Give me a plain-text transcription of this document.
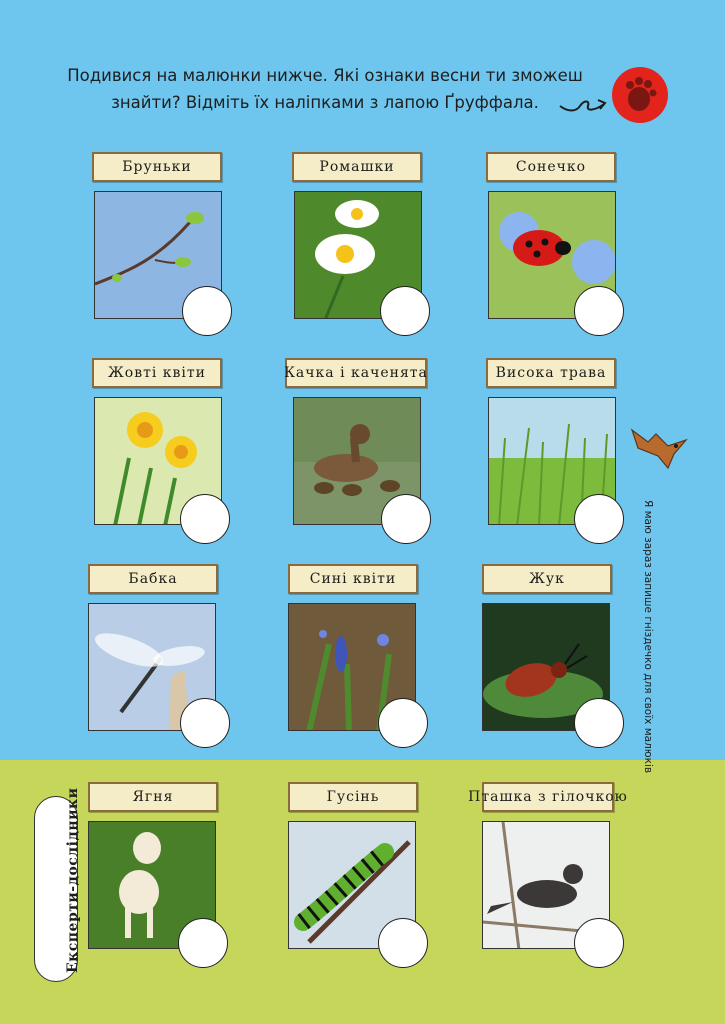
Подивися на малюнки нижче. Які ознаки весни ти зможеш
знайти? Відміть їх наліпками з лапою Ґруффала.
Бруньки	Ромашки	Сонечко
Жовті квіти	Качка і каченята	Висока трава
Бабка	Сині квіти	Жук
Ягня	Гусінь	Пташка з гілочкою
Я маю зараз запише гніздечко для своїх малюків
Експерти-дослідники
